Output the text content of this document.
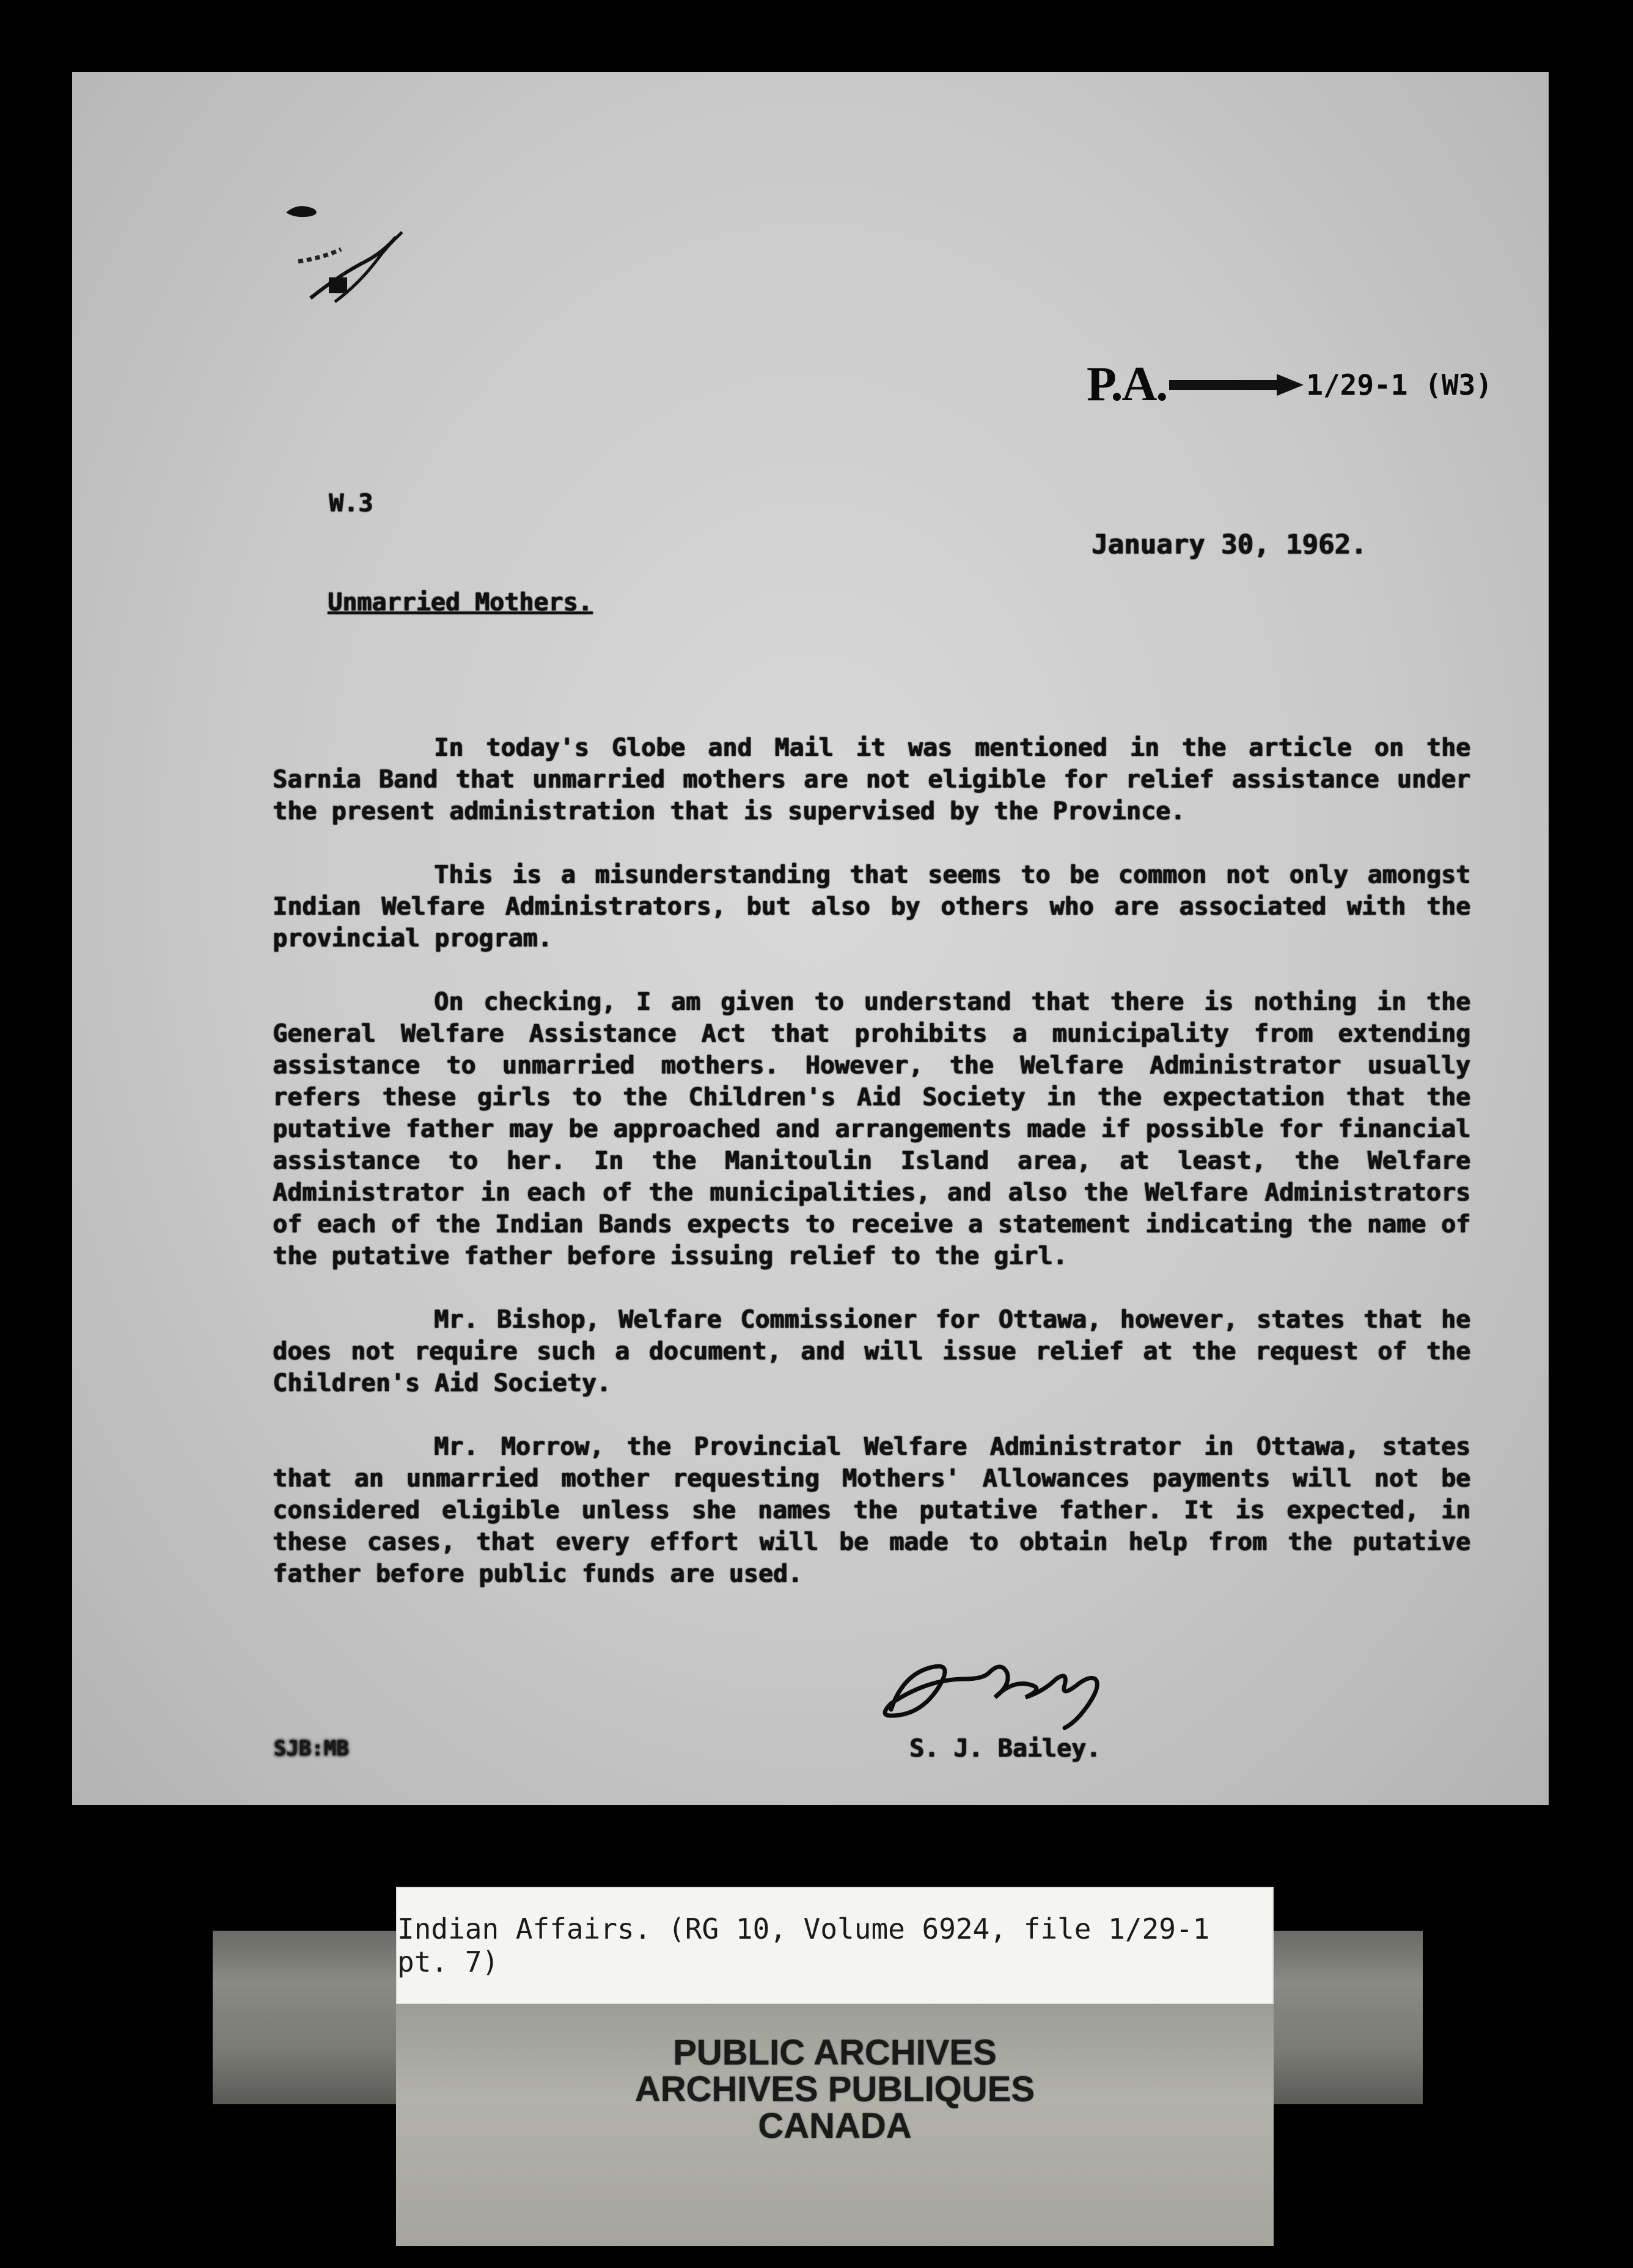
P.A.	1/29-1 (W3)

W.3

January 30, 1962.

Unmarried Mothers.

In today's Globe and Mail it was mentioned in the article on the Sarnia Band that unmarried mothers are not eligible for relief assistance under the present administration that is supervised by the Province.

This is a misunderstanding that seems to be common not only amongst Indian Welfare Administrators, but also by others who are associated with the provincial program.

On checking, I am given to understand that there is nothing in the General Welfare Assistance Act that prohibits a municipality from extending assistance to unmarried mothers. However, the Welfare Administrator usually refers these girls to the Children's Aid Society in the expectation that the putative father may be approached and arrangements made if possible for financial assistance to her. In the Manitoulin Island area, at least, the Welfare Administrator in each of the municipalities, and also the Welfare Administrators of each of the Indian Bands expects to receive a statement indicating the name of the putative father before issuing relief to the girl.

Mr. Bishop, Welfare Commissioner for Ottawa, however, states that he does not require such a document, and will issue relief at the request of the Children's Aid Society.

Mr. Morrow, the Provincial Welfare Administrator in Ottawa, states that an unmarried mother requesting Mothers' Allowances payments will not be considered eligible unless she names the putative father. It is expected, in these cases, that every effort will be made to obtain help from the putative father before public funds are used.

S. J. Bailey.

SJB:MB

Indian Affairs. (RG 10, Volume 6924, file 1/29-1 pt. 7)
PUBLIC ARCHIVES
ARCHIVES PUBLIQUES
CANADA
